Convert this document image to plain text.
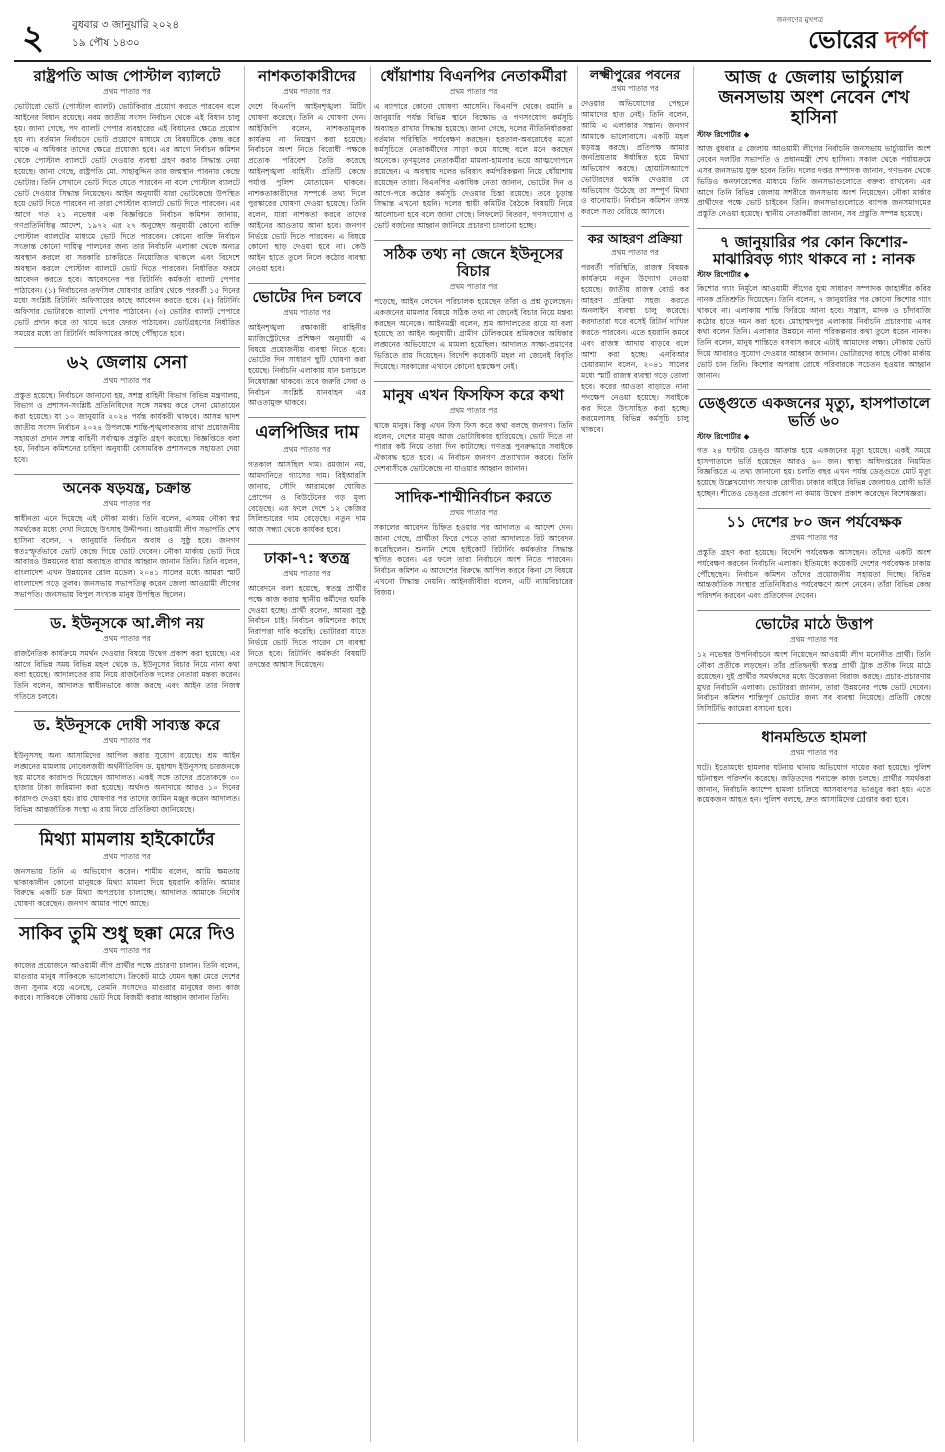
২	বুধবার ৩ জানুয়ারি ২০২৪
১৯ পৌষ ১৪৩০
জনগণের মুখপত্র
ভোরের দর্পণ
রাষ্ট্রপতি আজ পোস্টাল ব্যালটে
প্রথম পাতার পর
ভোটারো ভোট (পোস্টাল ব্যালট) ভোটকিরার প্রয়োগ করতে পারবেন বলে আইনের বিধান রয়েছে। নবম জাতীয় সংসদ নির্বাচন থেকে এই বিধান চালু হয়। জানা গেছে, পদ ব্যালট পেপার ব্যবহারের এই বিধানের ক্ষেত্রে প্রয়োগ হয় না। বর্তমান নির্বাচনে ভোট প্রয়োগে মাধ্যমে যে বিষয়টিকে কেন্দ্র করে থাকে এ অধিকার তাদের ক্ষেত্রে প্রযোজ্য হবে। এর আগে নির্বাচন কমিশন থেকে পোস্টাল ব্যালটে ভোট দেওয়ার ব্যবস্থা গ্রহণ করার সিদ্ধান্ত নেয়া হয়েছে। জানা গেছে, রাষ্ট্রপতি মো. সাহাবুদ্দিন তার জন্মস্থান পাবনার কেন্দ্রে ভোটার। তিনি সেখানে ভোট দিতে যেতে পারবেন না বলে পোস্টাল ব্যালটে ভোট দেওয়ার সিদ্ধান্ত নিয়েছেন। আইন অনুযায়ী যারা ভোটকেন্দ্রে উপস্থিত হয়ে ভোট দিতে পারবেন না তারা পোস্টাল ব্যালটে ভোট দিতে পারবেন। এর আগে গত ২১ নভেম্বর এক বিজ্ঞপ্তিতে নির্বাচন কমিশন জানায়, গণপ্রতিনিধিত্ব আদেশ, ১৯৭২ এর ২৭ অনুচ্ছেদ অনুযায়ী কোনো ব্যক্তি পোস্টাল ব্যালটের মাধ্যমে ভোট দিতে পারবেন। কোনো ব্যক্তি নির্বাচন সংক্রান্ত কোনো দায়িত্ব পালনের জন্য তার নির্বাচনি এলাকা থেকে অন্যত্র অবস্থান করলে বা সরকারি চাকরিতে নিয়োজিত থাকলে এবং বিদেশে অবস্থান করলে পোস্টাল ব্যালটে ভোট দিতে পারবেন। নির্ধারিত ফরমে আবেদন করতে হবে। আবেদনের পর রিটার্নিং কর্মকর্তা ব্যালট পেপার পাঠাবেন। (১) নির্বাচনের তফসিল ঘোষণার তারিখ থেকে পরবর্তী ১৫ দিনের মধ্যে সংশ্লিষ্ট রিটার্নিং অফিসারের কাছে আবেদন করতে হবে। (২) রিটার্নিং অফিসার ভোটারকে ব্যালট পেপার পাঠাবেন। (৩) ভোটার ব্যালট পেপারে ভোট প্রদান করে তা খামে ভরে ফেরত পাঠাবেন। ভোটগ্রহণের নির্ধারিত সময়ের মধ্যে তা রিটার্নিং অফিসারের কাছে পৌঁছাতে হবে।
৬২ জেলায় সেনা
প্রথম পাতার পর
প্রস্তুত হয়েছে। নির্বাচনে জানানো হয়, সশস্ত্র বাহিনী বিভাগ বিভিন্ন মন্ত্রণালয়, বিভাগ ও প্রশাসন-সংশ্লিষ্ট প্রতিনিধিদের সঙ্গে সমন্বয় করে সেনা মোতায়েন করা হয়েছে। যা ১০ জানুয়ারি ২০২৪ পর্যন্ত কার্যকরী থাকবে। আসন্ন দ্বাদশ জাতীয় সংসদ নির্বাচন ২০২৪ উপলক্ষে শান্তি-শৃঙ্খলাবজায় রাখা প্রয়োজনীয় সহায়তা প্রদান সশস্ত্র বাহিনী সর্বাত্মক প্রস্তুতি গ্রহণ করেছে। বিজ্ঞপ্তিতে বলা হয়, নির্বাচন কমিশনের চাহিদা অনুযায়ী বেসামরিক প্রশাসনকে সহায়তা দেয়া হবে।
অনেক ষড়যন্ত্র, চক্রান্ত
প্রথম পাতার পর
স্বাধীনতা এনে দিয়েছে এই নৌকা মার্কা। তিনি বলেন, এসময় নৌকা স্বপ্ন সমর্থকের মধ্যে দেখা দিয়েছে উৎসাহ উদ্দীপনা। আওয়ামী লীগ সভাপতি শেখ হাসিনা বলেন, ৭ জানুয়ারি নির্বাচন অবাধ ও সুষ্ঠু হবে। জনগণ স্বতঃস্ফূর্তভাবে ভোট কেন্দ্রে গিয়ে ভোট দেবেন। নৌকা মার্কায় ভোট দিয়ে আবারও উন্নয়নের ধারা অব্যাহত রাখার আহ্বান জানান তিনি। তিনি বলেন, বাংলাদেশ এখন উন্নয়নের রোল মডেল। ২০৪১ সালের মধ্যে আমরা স্মার্ট বাংলাদেশ গড়ে তুলব। জনসভায় সভাপতিত্ব করেন জেলা আওয়ামী লীগের সভাপতি। জনসভায় বিপুল সংখ্যক মানুষ উপস্থিত ছিলেন।
ড. ইউনূসকে আ.লীগ নয়
প্রথম পাতার পর
রাজনৈতিক কার্যক্রমে সমর্থন দেওয়ার বিষয়ে উদ্বেগ প্রকাশ করা হয়েছে। এর আগে বিভিন্ন সময় বিভিন্ন মহল থেকে ড. ইউনূসের বিচার নিয়ে নানা কথা বলা হয়েছে। আদালতের রায় নিয়ে রাজনৈতিক দলের নেতারা মন্তব্য করেন। তিনি বলেন, আদালত স্বাধীনভাবে কাজ করছে এবং আইন তার নিজস্ব গতিতে চলবে।
ড. ইউনূসকে দোষী সাব্যস্ত করে
প্রথম পাতার পর
ইউনূসসহ অন্য আসামিদের আপিল করার সুযোগ রয়েছে। শ্রম আইন লঙ্ঘনের মামলায় নোবেলজয়ী অর্থনীতিবিদ ড. মুহাম্মদ ইউনূসসহ চারজনকে ছয় মাসের কারাদণ্ড দিয়েছেন আদালত। একই সঙ্গে তাদের প্রত্যেককে ৩০ হাজার টাকা জরিমানা করা হয়েছে। অর্থদণ্ড অনাদায়ে আরও ১০ দিনের কারাদণ্ড দেওয়া হয়। রায় ঘোষণার পর তাদের জামিন মঞ্জুর করেন আদালত। বিভিন্ন আন্তর্জাতিক সংস্থা এ রায় নিয়ে প্রতিক্রিয়া জানিয়েছে।
মিথ্যা মামলায় হাইকোর্টের
প্রথম পাতার পর
জনসভায় তিনি এ অভিযোগ করেন। শামীম বলেন, আমি ক্ষমতায় থাকাকালীন কোনো মানুষকে মিথ্যা মামলা দিয়ে হয়রানি করিনি। আমার বিরুদ্ধে একটি চক্র মিথ্যা অপপ্রচার চালাচ্ছে। আদালত আমাকে নির্দোষ ঘোষণা করেছেন। জনগণ আমার পাশে আছে।
সাকিব তুমি শুধু ছক্কা মেরে দিও
প্রথম পাতার পর
কাজের প্রয়োজনে আওয়ামী লীগ প্রার্থীর পক্ষে প্রচারণা চালান। তিনি বলেন, মাগুরার মানুষ সাকিবকে ভালোবাসে। ক্রিকেট মাঠে যেমন ছক্কা মেরে দেশের জন্য সুনাম বয়ে এনেছে, তেমনি সংসদেও মাগুরার মানুষের জন্য কাজ করবে। সাকিবকে নৌকায় ভোট দিয়ে বিজয়ী করার আহ্বান জানান তিনি।
নাশকতাকারীদের
প্রথম পাতার পর
দেশে বিএনপি আইনশৃঙ্খলা মিটিং ঘোষণা করেছে। তিনি এ ঘোষণা দেন। আইজিপি বলেন, নাশকতামূলক কার্যক্রম না নিয়ন্ত্রণ করা হয়েছে। নির্বাচনে অংশ নিতে বিরোধী পক্ষকে প্রত্যেক পরিবেশ তৈরি করেছে আইনশৃঙ্খলা বাহিনী। প্রতিটি কেন্দ্রে পর্যাপ্ত পুলিশ মোতায়েন থাকবে। নাশকতাকারীদের সম্পর্কে তথ্য দিলে পুরস্কারের ঘোষণা দেওয়া হয়েছে। তিনি বলেন, যারা নাশকতা করবে তাদের আইনের আওতায় আনা হবে। জনগণ নির্ভয়ে ভোট দিতে পারবেন। এ বিষয়ে কোনো ছাড় দেওয়া হবে না। কেউ আইন হাতে তুলে নিলে কঠোর ব্যবস্থা নেওয়া হবে।
ভোটের দিন চলবে
প্রথম পাতার পর
আইনশৃঙ্খলা রক্ষাকারী বাহিনীর ম্যাজিস্ট্রেটদের প্রশিক্ষণ অনুযায়ী এ বিষয়ে প্রয়োজনীয় ব্যবস্থা নিতে হবে। ভোটের দিন সাধারণ ছুটি ঘোষণা করা হয়েছে। নির্বাচনি এলাকায় যান চলাচলে নিষেধাজ্ঞা থাকবে। তবে জরুরি সেবা ও নির্বাচন সংশ্লিষ্ট যানবাহন এর আওতামুক্ত থাকবে।
এলপিজির দাম
প্রথম পাতার পর
গতকাল আসছিল দাম। রমজান নয়, আমদানিতে গ্যাসের দাম। বিইআরসি জানায়, সৌদি আরামকো ঘোষিত প্রোপেন ও বিউটেনের গড় মূল্য বেড়েছে। এর ফলে দেশে ১২ কেজির সিলিন্ডারের দাম বেড়েছে। নতুন দাম আজ সন্ধ্যা থেকে কার্যকর হবে।
ঢাকা-৭: স্বতন্ত্র
প্রথম পাতার পর
আবেদনে বলা হয়েছে, স্বতন্ত্র প্রার্থীর পক্ষে কাজ করায় স্থানীয় কর্মীদের হুমকি দেওয়া হচ্ছে। প্রার্থী বলেন, আমরা সুষ্ঠু নির্বাচন চাই। নির্বাচন কমিশনের কাছে নিরাপত্তা দাবি করেছি। ভোটাররা যাতে নির্ভয়ে ভোট দিতে পারেন সে ব্যবস্থা নিতে হবে। রিটার্নিং কর্মকর্তা বিষয়টি তদন্তের আশ্বাস দিয়েছেন।
ধোঁয়াশায় বিএনপির নেতাকর্মীরা
প্রথম পাতার পর
এ ব্যাপারে কোনো ঘোষণা আসেনি। বিএনপি থেকে। রমানি ৪ জানুয়ারি পর্যন্ত বিভিন্ন স্থানে বিক্ষোভ ও গণসংযোগ কর্মসূচি অব্যাহত রাখার সিদ্ধান্ত হয়েছে। জানা গেছে, দলের নীতিনির্ধারকরা বর্তমান পরিস্থিতি পর্যবেক্ষণ করছেন। হরতাল-অবরোধের মতো কর্মসূচিতে নেতাকর্মীদের সাড়া কমে যাচ্ছে বলে মনে করছেন অনেকে। তৃণমূলের নেতাকর্মীরা মামলা-হামলার ভয়ে আত্মগোপনে রয়েছেন। এ অবস্থায় দলের ভবিষ্যৎ কর্মপরিকল্পনা নিয়ে ধোঁয়াশায় রয়েছেন তারা। বিএনপির একাধিক নেতা জানান, ভোটের দিন ও আগে-পরে কঠোর কর্মসূচি দেওয়ার চিন্তা রয়েছে। তবে চূড়ান্ত সিদ্ধান্ত এখনো হয়নি। দলের স্থায়ী কমিটির বৈঠকে বিষয়টি নিয়ে আলোচনা হবে বলে জানা গেছে। লিফলেট বিতরণ, গণসংযোগ ও ভোট বর্জনের আহ্বান জানিয়ে প্রচারণা চালানো হচ্ছে।
সঠিক তথ্য না জেনে ইউনূসের বিচার
প্রথম পাতার পর
পড়েছে, আইন লেখেন পরিচালক হয়েছেন তাঁরা ও প্রশ্ন তুলেছেন। একজনের মামলার বিষয়ে সঠিক তথ্য না জেনেই বিচার নিয়ে মন্তব্য করছেন অনেকে। আইনমন্ত্রী বলেন, শ্রম আদালতের রায়ে যা বলা হয়েছে তা আইন অনুযায়ী। গ্রামীণ টেলিকমের শ্রমিকদের অধিকার লঙ্ঘনের অভিযোগে এ মামলা হয়েছিল। আদালত সাক্ষ্য-প্রমাণের ভিত্তিতে রায় দিয়েছেন। বিদেশি কয়েকটি মহল না জেনেই বিবৃতি দিয়েছে। সরকারের এখানে কোনো হস্তক্ষেপ নেই।
মানুষ এখন ফিসফিস করে কথা
প্রথম পাতার পর
থাকে মানুষ। কিন্তু এখন ফিস ফিস করে কথা বলছে জনগণ। তিনি বলেন, দেশের মানুষ আজ ভোটাধিকার হারিয়েছে। ভোট দিতে না পারার কষ্ট নিয়ে তারা দিন কাটাচ্ছে। গণতন্ত্র পুনরুদ্ধারে সবাইকে ঐক্যবদ্ধ হতে হবে। এ নির্বাচন জনগণ প্রত্যাখ্যান করবে। তিনি দেশবাসীকে ভোটকেন্দ্রে না যাওয়ার আহ্বান জানান।
সাদিক-শাম্মীনির্বাচন করতে
প্রথম পাতার পর
সকালের আবেদন চিহ্নিত হওয়ার পর আদালত এ আদেশ দেন। জানা গেছে, প্রার্থীতা ফিরে পেতে তারা আদালতে রিট আবেদন করেছিলেন। শুনানি শেষে হাইকোর্ট রিটার্নিং কর্মকর্তার সিদ্ধান্ত স্থগিত করেন। এর ফলে তারা নির্বাচনে অংশ নিতে পারবেন। নির্বাচন কমিশন এ আদেশের বিরুদ্ধে আপিল করবে কিনা সে বিষয়ে এখনো সিদ্ধান্ত নেয়নি। আইনজীবীরা বলেন, এটি ন্যায়বিচারের বিজয়।
লক্ষ্মীপুরের পবনের
প্রথম পাতার পর
দেওয়ার অভিযোগের পেছনে আমাদের হাত নেই। তিনি বলেন, আমি এ এলাকার সন্তান। জনগণ আমাকে ভালোবাসে। একটি মহল ষড়যন্ত্র করছে। প্রতিপক্ষ আমার জনপ্রিয়তায় ঈর্ষান্বিত হয়ে মিথ্যা অভিযোগ করছে। হোয়াটসঅ্যাপে ভোটারদের হুমকি দেওয়ার যে অভিযোগ উঠেছে তা সম্পূর্ণ মিথ্যা ও বানোয়াট। নির্বাচন কমিশন তদন্ত করলে সত্য বেরিয়ে আসবে।
কর আহরণ প্রক্রিয়া
প্রথম পাতার পর
পরবর্তী পরিস্থিতি, রাজস্ব বিষয়ক কার্যক্রমে নতুন উদ্যোগ নেওয়া হয়েছে। জাতীয় রাজস্ব বোর্ড কর আহরণ প্রক্রিয়া সহজ করতে অনলাইন ব্যবস্থা চালু করেছে। করদাতারা ঘরে বসেই রিটার্ন দাখিল করতে পারবেন। এতে হয়রানি কমবে এবং রাজস্ব আদায় বাড়বে বলে আশা করা হচ্ছে। এনবিআর চেয়ারম্যান বলেন, ২০৪১ সালের মধ্যে স্মার্ট রাজস্ব ব্যবস্থা গড়ে তোলা হবে। করের আওতা বাড়াতে নানা পদক্ষেপ নেওয়া হয়েছে। সবাইকে কর দিতে উৎসাহিত করা হচ্ছে। করমেলাসহ বিভিন্ন কর্মসূচি চালু থাকবে।
আজ ৫ জেলায় ভার্চ্যুয়াল জনসভায় অংশ নেবেন শেখ হাসিনা
স্টাফ রিপোর্টার ◆
আজ বুধবার ৫ জেলায় আওয়ামী লীগের নির্বাচনি জনসভায় ভার্চ্যুয়ালি অংশ নেবেন দলটির সভাপতি ও প্রধানমন্ত্রী শেখ হাসিনা। সকাল থেকে পর্যায়ক্রমে এসব জনসভায় যুক্ত হবেন তিনি। দলের দপ্তর সম্পাদক জানান, গণভবন থেকে ভিডিও কনফারেন্সের মাধ্যমে তিনি জনসভাগুলোতে বক্তব্য রাখবেন। এর আগে তিনি বিভিন্ন জেলায় সশরীরে জনসভায় অংশ নিয়েছেন। নৌকা মার্কার প্রার্থীদের পক্ষে ভোট চাইবেন তিনি। জনসভাগুলোতে ব্যাপক জনসমাগমের প্রস্তুতি নেওয়া হয়েছে। স্থানীয় নেতাকর্মীরা জানান, সব প্রস্তুতি সম্পন্ন হয়েছে।
৭ জানুয়ারির পর কোন কিশোর-মাঝারিবড় গ্যাং থাকবে না : নানক
স্টাফ রিপোর্টার ◆
কিশোর গ্যাং নির্মূলে আওয়ামী লীগের যুগ্ম সাধারণ সম্পাদক জাহাঙ্গীর কবির নানক প্রতিশ্রুতি দিয়েছেন। তিনি বলেন, ৭ জানুয়ারির পর কোনো কিশোর গ্যাং থাকবে না। এলাকায় শান্তি ফিরিয়ে আনা হবে। সন্ত্রাস, মাদক ও চাঁদাবাজি কঠোর হাতে দমন করা হবে। মোহাম্মদপুর এলাকায় নির্বাচনি প্রচারণায় এসব কথা বলেন তিনি। এলাকার উন্নয়নে নানা পরিকল্পনার কথা তুলে ধরেন নানক। তিনি বলেন, মানুষ শান্তিতে বসবাস করবে এটাই আমাদের লক্ষ্য। নৌকায় ভোট দিয়ে আবারও সুযোগ দেওয়ার আহ্বান জানান। ভোটারদের কাছে নৌকা মার্কায় ভোট চান তিনি। কিশোর অপরাধ রোধে পরিবারকে সচেতন হওয়ার আহ্বান জানান।
ডেঙ্গুতে একজনের মৃত্যু, হাসপাতালে ভর্তি ৬০
স্টাফ রিপোর্টার ◆
গত ২৪ ঘণ্টায় ডেঙ্গু আক্রান্ত হয়ে একজনের মৃত্যু হয়েছে। একই সময়ে হাসপাতালে ভর্তি হয়েছেন আরও ৬০ জন। স্বাস্থ্য অধিদপ্তরের নিয়মিত বিজ্ঞপ্তিতে এ তথ্য জানানো হয়। চলতি বছর এখন পর্যন্ত ডেঙ্গুতে মোট মৃত্যু হয়েছে উল্লেখযোগ্য সংখ্যক রোগীর। ঢাকার বাইরে বিভিন্ন জেলায়ও রোগী ভর্তি হচ্ছেন। শীতেও ডেঙ্গুর প্রকোপ না কমায় উদ্বেগ প্রকাশ করেছেন বিশেষজ্ঞরা।
১১ দেশের ৮০ জন পর্যবেক্ষক
প্রথম পাতার পর
প্রস্তুতি গ্রহণ করা হয়েছে। বিদেশি পর্যবেক্ষক আসছেন। তাঁদের একটি অংশ পর্যবেক্ষণ করবেন নির্বাচনি এলাকা। ইতিমধ্যে কয়েকটি দেশের পর্যবেক্ষক ঢাকায় পৌঁছেছেন। নির্বাচন কমিশন তাঁদের প্রয়োজনীয় সহায়তা দিচ্ছে। বিভিন্ন আন্তর্জাতিক সংস্থার প্রতিনিধিরাও পর্যবেক্ষণে অংশ নেবেন। তাঁরা বিভিন্ন কেন্দ্র পরিদর্শন করবেন এবং প্রতিবেদন দেবেন।
ভোটের মাঠে উত্তাপ
প্রথম পাতার পর
১২ নভেম্বর উপনির্বাচনে অংশ নিয়েছেন আওয়ামী লীগ মনোনীত প্রার্থী। তিনি নৌকা প্রতীকে লড়ছেন। তাঁর প্রতিদ্বন্দ্বী স্বতন্ত্র প্রার্থী ট্রাক প্রতীক নিয়ে মাঠে রয়েছেন। দুই প্রার্থীর সমর্থকদের মধ্যে উত্তেজনা বিরাজ করছে। প্রচার-প্রচারণায় মুখর নির্বাচনি এলাকা। ভোটাররা জানান, তারা উন্নয়নের পক্ষে ভোট দেবেন। নির্বাচন কমিশন শান্তিপূর্ণ ভোটের জন্য সব ব্যবস্থা নিয়েছে। প্রতিটি কেন্দ্রে সিসিটিভি ক্যামেরা বসানো হবে।
ধানমন্ডিতে হামলা
প্রথম পাতার পর
ঘটে। ইতোমধ্যে হামলার ঘটনায় থানায় অভিযোগ দায়ের করা হয়েছে। পুলিশ ঘটনাস্থল পরিদর্শন করেছে। জড়িতদের শনাক্তে কাজ চলছে। প্রার্থীর সমর্থকরা জানান, নির্বাচনি ক্যাম্পে হামলা চালিয়ে আসবাবপত্র ভাঙচুর করা হয়। এতে কয়েকজন আহত হন। পুলিশ বলছে, দ্রুত আসামিদের গ্রেপ্তার করা হবে।
